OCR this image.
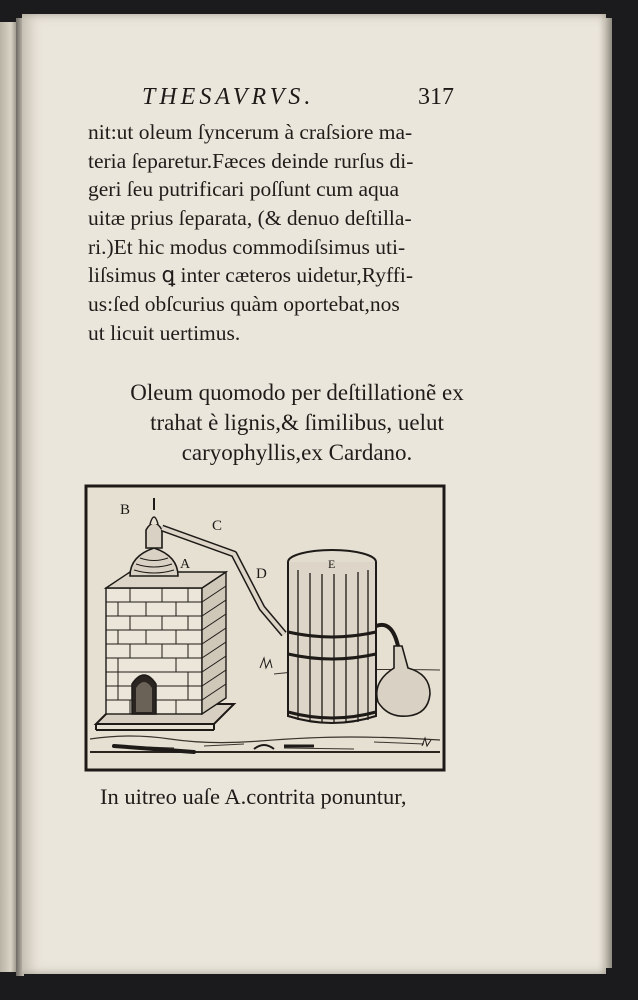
THESAVRVS.	317
nit:ut oleum ſyncerum à craſsiore ma-
teria ſeparetur.Fæces deinde rurſus di-
geri ſeu putrificari poſſunt cum aqua
uitæ prius ſeparata, (& denuo deſtilla-
ri.)Et hic modus commodiſsimus uti-
liſsimus ꝗ inter cæteros uidetur,Ryffi-
us:ſed obſcurius quàm oportebat,nos
ut licuit uertimus.
Oleum quomodo per deſtillationẽ ex
trahat è lignis,& ſimilibus, uelut
caryophyllis,ex Cardano.
B
A
C
D
E
In uitreo uaſe A.contrita ponuntur,
